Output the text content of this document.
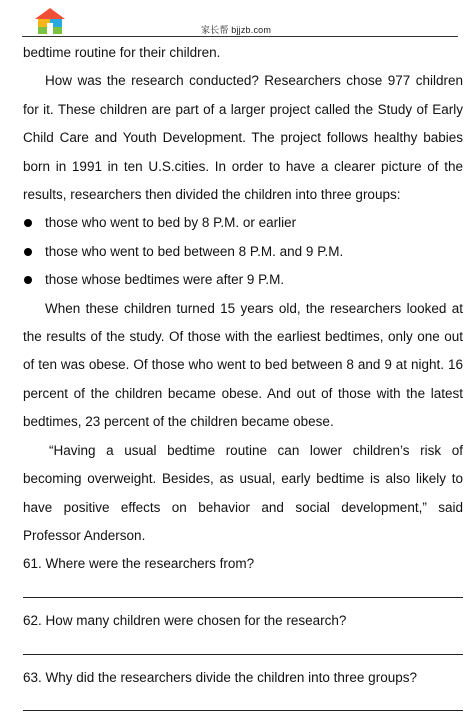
家长帮 bjjzb.com

bedtime routine for their children.

How was the research conducted? Researchers chose 977 children for it. These children are part of a larger project called the Study of Early Child Care and Youth Development. The project follows healthy babies born in 1991 in ten U.S.cities. In order to have a clearer picture of the results, researchers then divided the children into three groups:

those who went to bed by 8 P.M. or earlier
those who went to bed between 8 P.M. and 9 P.M.
those whose bedtimes were after 9 P.M.

When these children turned 15 years old, the researchers looked at the results of the study. Of those with the earliest bedtimes, only one out of ten was obese. Of those who went to bed between 8 and 9 at night. 16 percent of the children became obese. And out of those with the latest bedtimes, 23 percent of the children became obese.

“Having a usual bedtime routine can lower children’s risk of becoming overweight. Besides, as usual, early bedtime is also likely to have positive effects on behavior and social development,” said Professor Anderson.

61. Where were the researchers from?

62. How many children were chosen for the research?

63. Why did the researchers divide the children into three groups?
